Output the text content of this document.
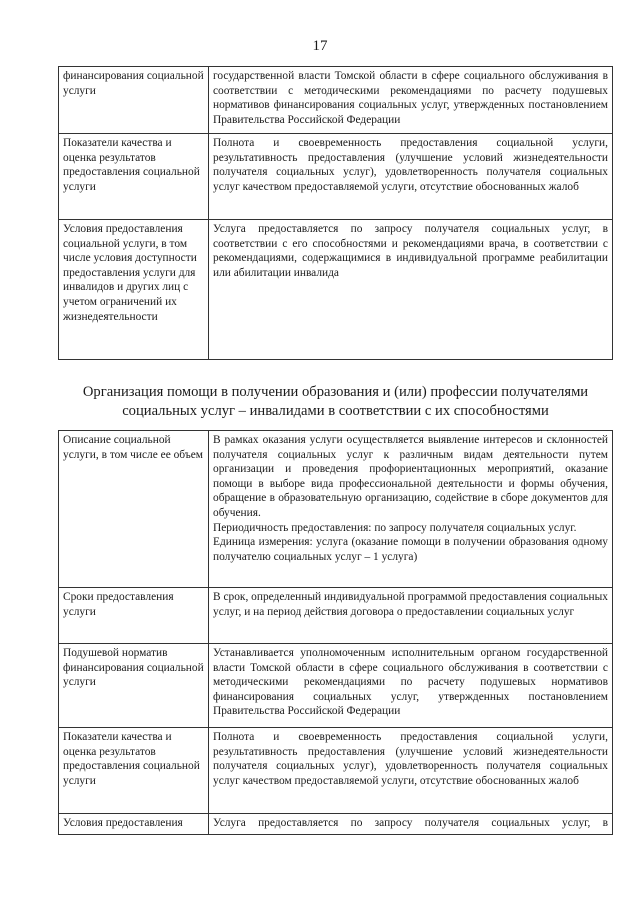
17
финансирования социальной услуги	государственной власти Томской области в сфере социального обслуживания в соответствии с методическими рекомендациями по расчету подушевых нормативов финансирования социальных услуг, утвержденных постановлением Правительства Российской Федерации

Показатели качества и оценка результатов предоставления социальной услуги	Полнота и своевременность предоставления социальной услуги, результативность предоставления (улучшение условий жизнедеятельности получателя социальных услуг), удовлетворенность получателя социальных услуг качеством предоставляемой услуги, отсутствие обоснованных жалоб

Условия предоставления социальной услуги, в том числе условия доступности предоставления услуги для инвалидов и других лиц с учетом ограничений их жизнедеятельности	Услуга предоставляется по запросу получателя социальных услуг, в соответствии с его способностями и рекомендациями врача, в соответствии с рекомендациями, содержащимися в индивидуальной программе реабилитации или абилитации инвалида
Организация помощи в получении образования и (или) профессии получателями
социальных услуг – инвалидами в соответствии с их способностями
Описание социальной услуги, в том числе ее объем	В рамках оказания услуги осуществляется выявление интересов и склонностей получателя социальных услуг к различным видам деятельности путем организации и проведения профориентационных мероприятий, оказание помощи в выборе вида профессиональной деятельности и формы обучения, обращение в образовательную организацию, содействие в сборе документов для обучения.
Периодичность предоставления: по запросу получателя социальных услуг.
Единица измерения: услуга (оказание помощи в получении образования одному получателю социальных услуг – 1 услуга)

Сроки предоставления услуги	В срок, определенный индивидуальной программой предоставления социальных услуг, и на период действия договора о предоставлении социальных услуг

Подушевой норматив финансирования социальной услуги	Устанавливается уполномоченным исполнительным органом государственной власти Томской области в сфере социального обслуживания в соответствии с методическими рекомендациями по расчету подушевых нормативов финансирования социальных услуг, утвержденных постановлением Правительства Российской Федерации

Показатели качества и оценка результатов предоставления социальной услуги	Полнота и своевременность предоставления социальной услуги, результативность предоставления (улучшение условий жизнедеятельности получателя социальных услуг), удовлетворенность получателя социальных услуг качеством предоставляемой услуги, отсутствие обоснованных жалоб

Условия предоставления	Услуга предоставляется по запросу получателя социальных услуг, в
